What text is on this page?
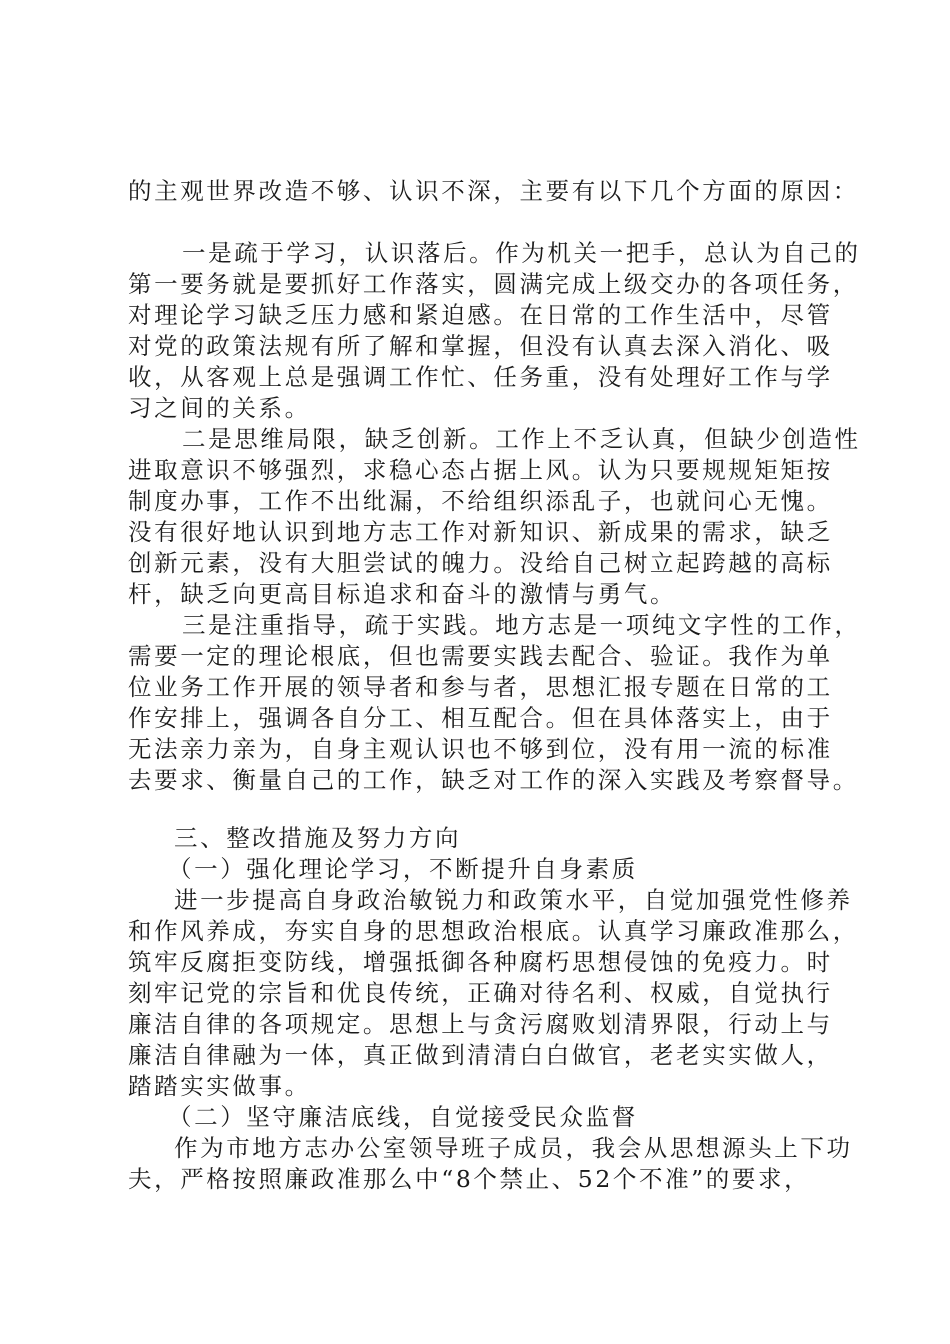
的主观世界改造不够、认识不深，主要有以下几个方面的原因：
一是疏于学习，认识落后。作为机关一把手，总认为自己的
第一要务就是要抓好工作落实，圆满完成上级交办的各项任务，
对理论学习缺乏压力感和紧迫感。在日常的工作生活中，尽管
对党的政策法规有所了解和掌握，但没有认真去深入消化、吸
收，从客观上总是强调工作忙、任务重，没有处理好工作与学
习之间的关系。
二是思维局限，缺乏创新。工作上不乏认真，但缺少创造性
进取意识不够强烈，求稳心态占据上风。认为只要规规矩矩按
制度办事，工作不出纰漏，不给组织添乱子，也就问心无愧。
没有很好地认识到地方志工作对新知识、新成果的需求，缺乏
创新元素，没有大胆尝试的魄力。没给自己树立起跨越的高标
杆，缺乏向更高目标追求和奋斗的激情与勇气。
三是注重指导，疏于实践。地方志是一项纯文字性的工作，
需要一定的理论根底，但也需要实践去配合、验证。我作为单
位业务工作开展的领导者和参与者，思想汇报专题在日常的工
作安排上，强调各自分工、相互配合。但在具体落实上，由于
无法亲力亲为，自身主观认识也不够到位，没有用一流的标准
去要求、衡量自己的工作，缺乏对工作的深入实践及考察督导。
三、整改措施及努力方向
（一）强化理论学习，不断提升自身素质
进一步提高自身政治敏锐力和政策水平，自觉加强党性修养
和作风养成，夯实自身的思想政治根底。认真学习廉政准那么，
筑牢反腐拒变防线，增强抵御各种腐朽思想侵蚀的免疫力。时
刻牢记党的宗旨和优良传统，正确对待名利、权威，自觉执行
廉洁自律的各项规定。思想上与贪污腐败划清界限，行动上与
廉洁自律融为一体，真正做到清清白白做官，老老实实做人，
踏踏实实做事。
（二）坚守廉洁底线，自觉接受民众监督
作为市地方志办公室领导班子成员，我会从思想源头上下功
夫，严格按照廉政准那么中“8个禁止、52个不准”的要求，
